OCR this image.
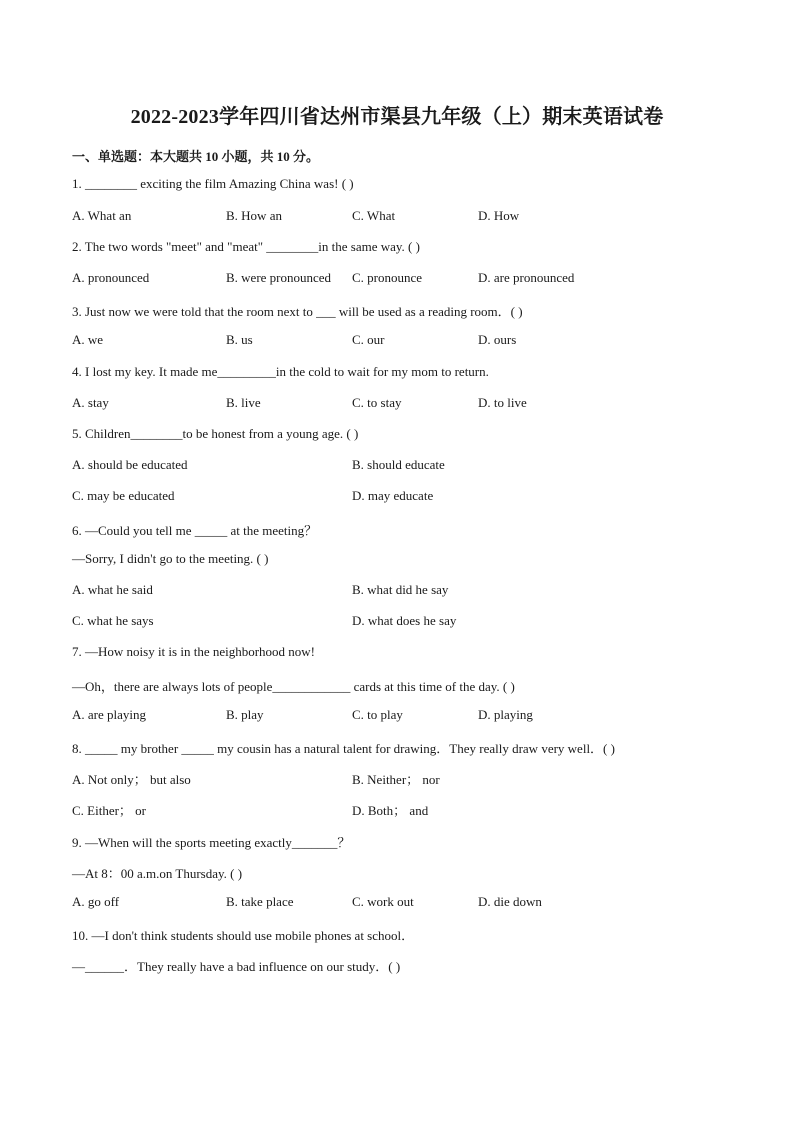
2022-2023学年四川省达州市渠县九年级（上）期末英语试卷
一、单选题：本大题共 10 小题，共 10 分。
1. ________ exciting the film Amazing China was! ( )
A. What an	B. How an	C. What	D. How
2. The two words "meet" and "meat" ________in the same way. ( )
A. pronounced	B. were pronounced C. pronounce	D. are pronounced
3. Just now we were told that the room next to ___ will be used as a reading room．( )
A. we	B. us	C. our	D. ours
4. I lost my key. It made me_________in the cold to wait for my mom to return.
A. stay	B. live	C. to stay	D. to live
5. Children________to be honest from a young age. ( )
A. should be educated	B. should educate
C. may be educated	D. may educate
6. —Could you tell me _____ at the meeting？
—Sorry, I didn't go to the meeting. ( )
A. what he said	B. what did he say
C. what he says	D. what does he say
7. —How noisy it is in the neighborhood now!
—Oh，there are always lots of people____________ cards at this time of the day. ( )
A. are playing	B. play	C. to play	D. playing
8. _____ my brother _____ my cousin has a natural talent for drawing．They really draw very well．( )
A. Not only； but also	B. Neither； nor
C. Either； or	D. Both； and
9. —When will the sports meeting exactly_______？
—At 8：00 a.m.on Thursday. ( )
A. go off	B. take place	C. work out	D. die down
10. —I don't think students should use mobile phones at school．
—______．They really have a bad influence on our study．( )
